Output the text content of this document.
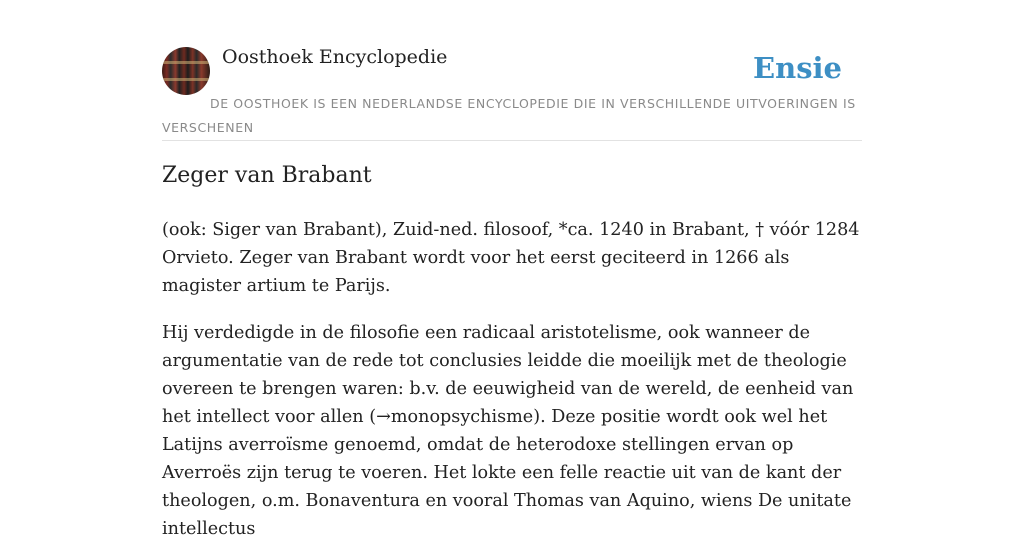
Oosthoek Encyclopedie	Ensie
DE OOSTHOEK IS EEN NEDERLANDSE ENCYCLOPEDIE DIE IN VERSCHILLENDE UITVOERINGEN IS VERSCHENEN
Zeger van Brabant

(ook: Siger van Brabant), Zuid-ned. filosoof, *ca. 1240 in Brabant, † vóór 1284 Orvieto. Zeger van Brabant wordt voor het eerst geciteerd in 1266 als magister artium te Parijs.

Hij verdedigde in de filosofie een radicaal aristotelisme, ook wanneer de argumentatie van de rede tot conclusies leidde die moeilijk met de theologie overeen te brengen waren: b.v. de eeuwigheid van de wereld, de eenheid van het intellect voor allen (→monopsychisme). Deze positie wordt ook wel het Latijns averroïsme genoemd, omdat de heterodoxe stellingen ervan op Averroës zijn terug te voeren. Het lokte een felle reactie uit van de kant der theologen, o.m. Bonaventura en vooral Thomas van Aquino, wiens De unitate intellectus
